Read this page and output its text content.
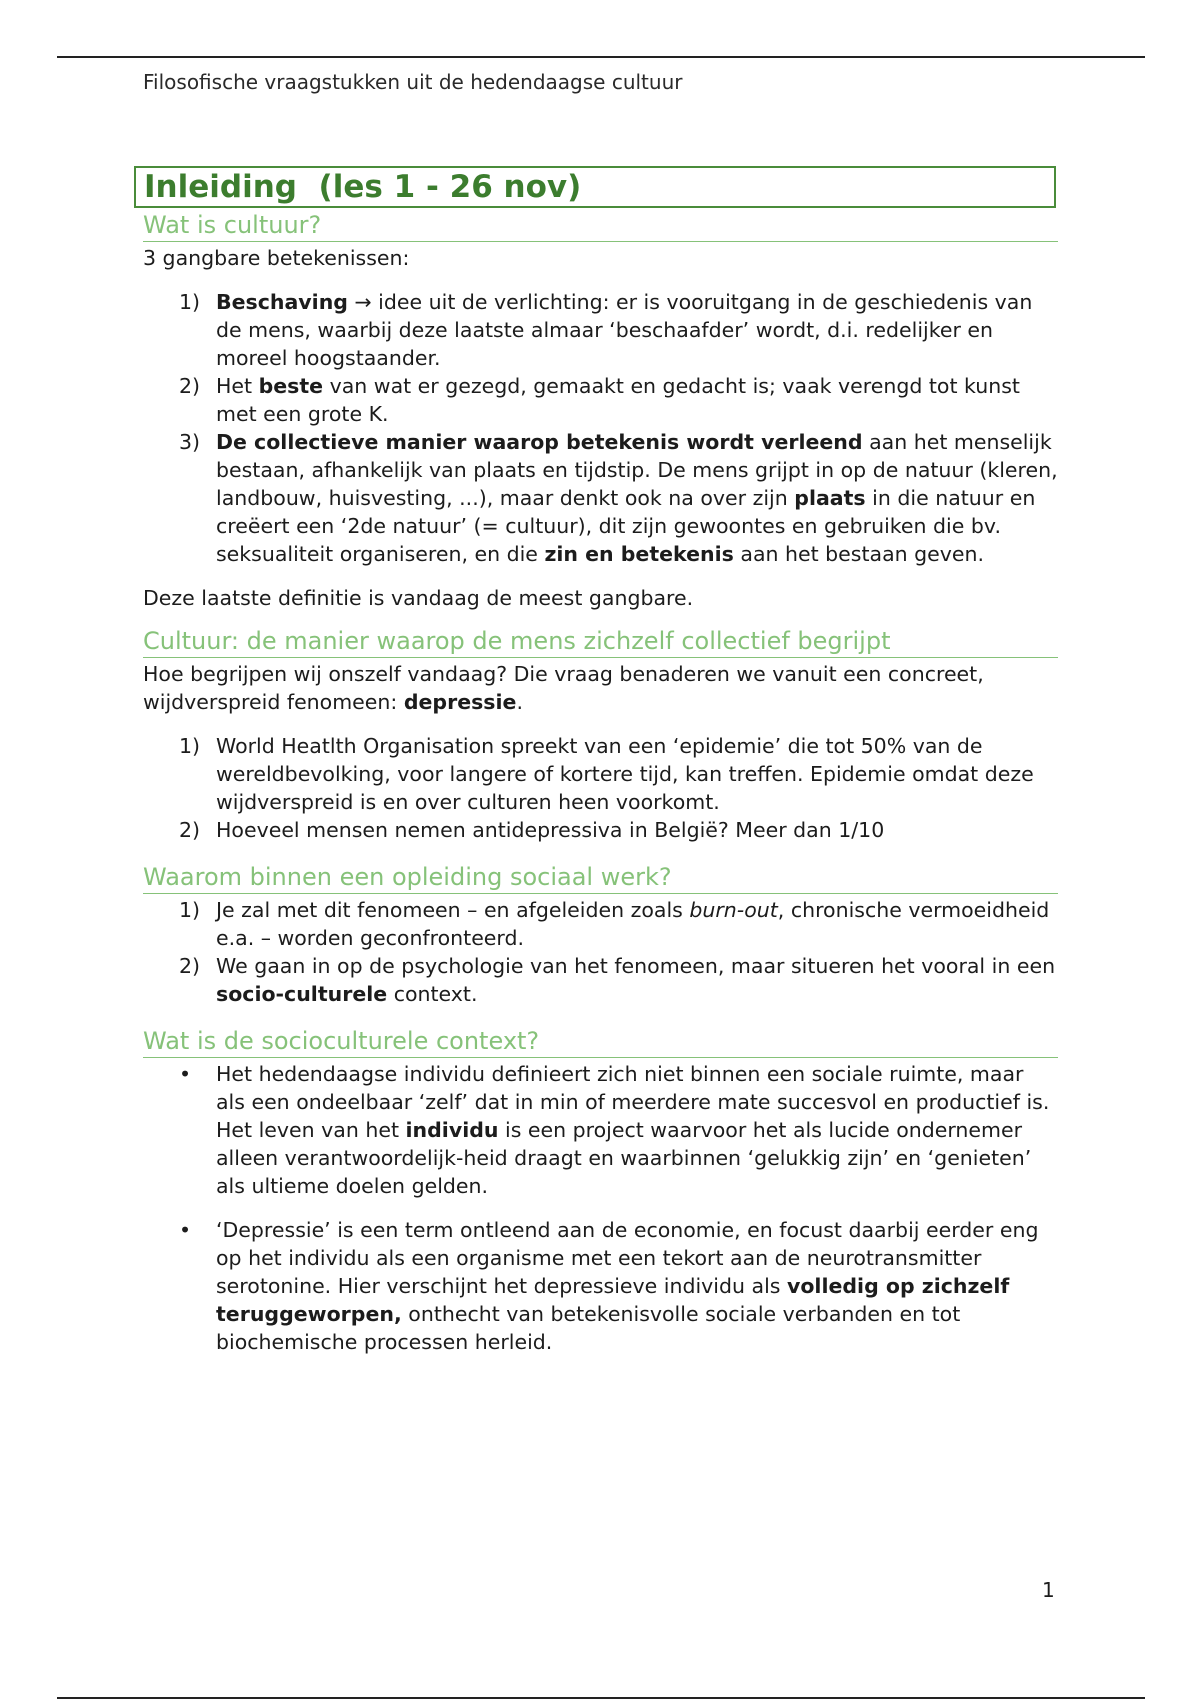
Filosofische vraagstukken uit de hedendaagse cultuur
Inleiding  (les 1 - 26 nov)
Wat is cultuur?

3 gangbare betekenissen:

1) Beschaving → idee uit de verlichting: er is vooruitgang in de geschiedenis van de mens, waarbij deze laatste almaar ‘beschaafder’ wordt, d.i. redelijker en moreel hoogstaander.
2) Het beste van wat er gezegd, gemaakt en gedacht is; vaak verengd tot kunst met een grote K.
3) De collectieve manier waarop betekenis wordt verleend aan het menselijk bestaan, afhankelijk van plaats en tijdstip. De mens grijpt in op de natuur (kleren, landbouw, huisvesting, ...), maar denkt ook na over zijn plaats in die natuur en creëert een ‘2de natuur’ (= cultuur), dit zijn gewoontes en gebruiken die bv. seksualiteit organiseren, en die zin en betekenis aan het bestaan geven.

Deze laatste definitie is vandaag de meest gangbare.

Cultuur: de manier waarop de mens zichzelf collectief begrijpt

Hoe begrijpen wij onszelf vandaag? Die vraag benaderen we vanuit een concreet, wijdverspreid fenomeen: depressie.

1) World Heatlth Organisation spreekt van een ‘epidemie’ die tot 50% van de wereldbevolking, voor langere of kortere tijd, kan treffen. Epidemie omdat deze wijdverspreid is en over culturen heen voorkomt.
2) Hoeveel mensen nemen antidepressiva in België? Meer dan 1/10
Waarom binnen een opleiding sociaal werk?
1) Je zal met dit fenomeen – en afgeleiden zoals burn-out, chronische vermoeidheid e.a. – worden geconfronteerd.
2) We gaan in op de psychologie van het fenomeen, maar situeren het vooral in een socio-culturele context.
Wat is de socioculturele context?
• Het hedendaagse individu definieert zich niet binnen een sociale ruimte, maar als een ondeelbaar ‘zelf’ dat in min of meerdere mate succesvol en productief is. Het leven van het individu is een project waarvoor het als lucide ondernemer alleen verantwoordelijk-heid draagt en waarbinnen ‘gelukkig zijn’ en ‘genieten’ als ultieme doelen gelden.
• ‘Depressie’ is een term ontleend aan de economie, en focust daarbij eerder eng op het individu als een organisme met een tekort aan de neurotransmitter serotonine. Hier verschijnt het depressieve individu als volledig op zichzelf teruggeworpen, onthecht van betekenisvolle sociale verbanden en tot biochemische processen herleid.
1
